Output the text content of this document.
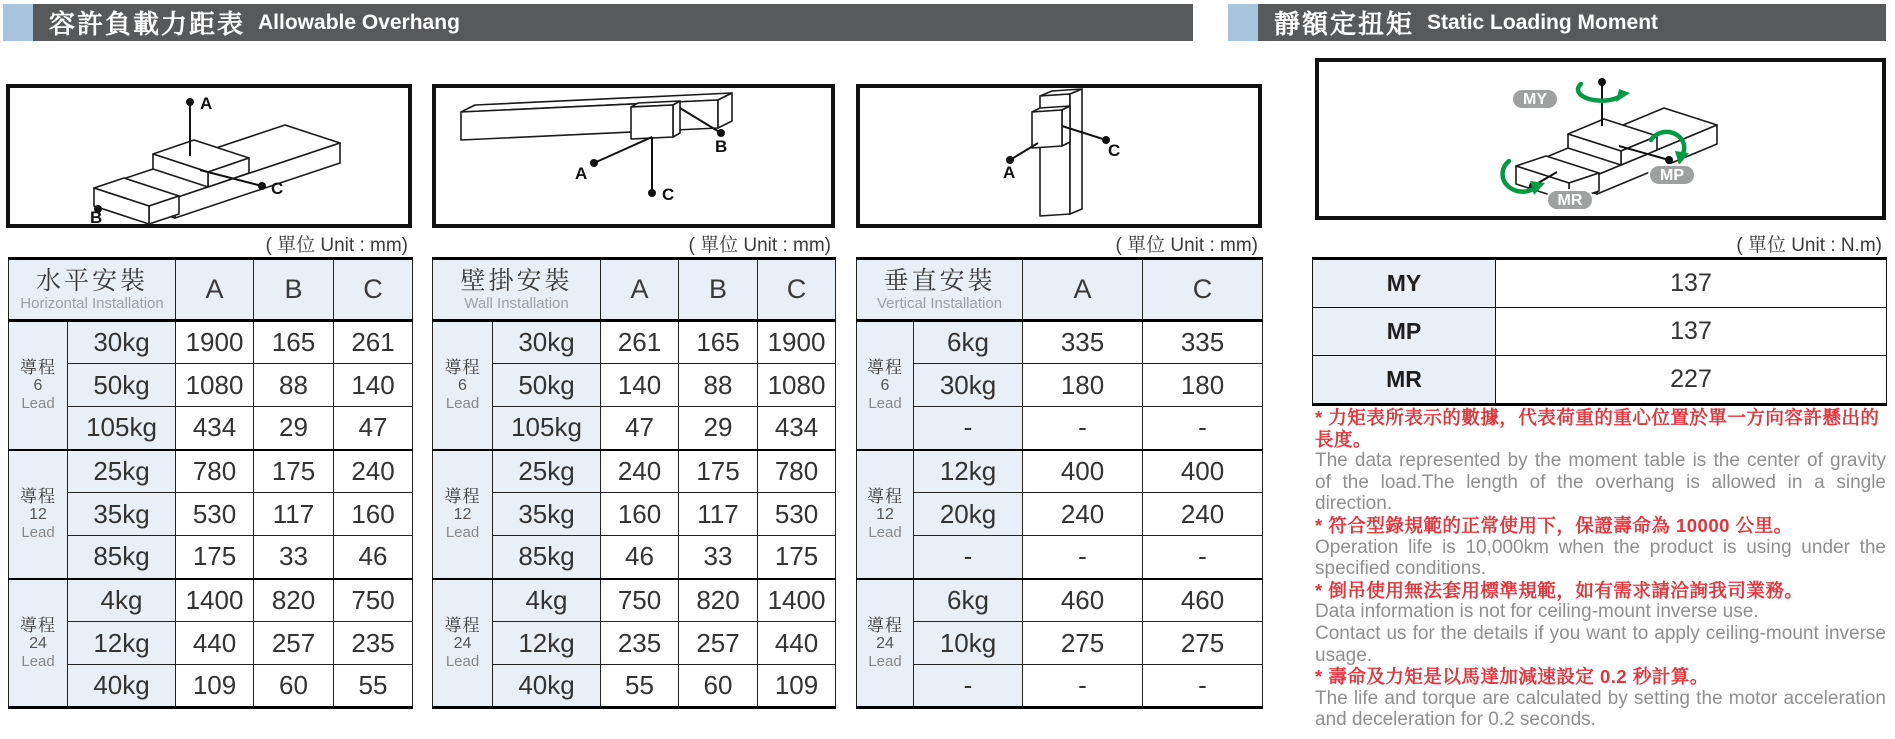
容許負載力距表 Allowable Overhang	靜額定扭矩 Static Loading Moment
A
C
B
A
C
B
A
C
MY
MP
MR
( 單位 Unit : mm)	( 單位 Unit : mm)	( 單位 Unit : mm)	( 單位 Unit : N.m)
水平安裝
Horizontal Installation		A	B	C

導程
6
Lead	30kg	1900	165	261
	50kg	1080	88	140
	105kg	434	29	47

導程
12
Lead	25kg	780	175	240
	35kg	530	117	160
	85kg	175	33	46

導程
24
Lead	4kg	1400	820	750
	12kg	440	257	235
	40kg	109	60	55
壁掛安裝
Wall Installation		A	B	C

導程
6
Lead	30kg	261	165	1900
	50kg	140	88	1080
	105kg	47	29	434

導程
12
Lead	25kg	240	175	780
	35kg	160	117	530
	85kg	46	33	175

導程
24
Lead	4kg	750	820	1400
	12kg	235	257	440
	40kg	55	60	109
垂直安裝
Vertical Installation		A	C

導程
6
Lead	6kg	335	335
	30kg	180	180
	-	-	-

導程
12
Lead	12kg	400	400
	20kg	240	240
	-	-	-

導程
24
Lead	6kg	460	460
	10kg	275	275
	-	-	-
MY	137
MP	137
MR	227

* 力矩表所表示的數據，代表荷重的重心位置於單一方向容許懸出的長度。

The data represented by the moment table is the center of gravity of the load.The length of the overhang is allowed in a single direction.

* 符合型錄規範的正常使用下，保證壽命為 10000 公里。

Operation life is 10,000km when the product is using under the specified conditions.

* 倒吊使用無法套用標準規範，如有需求請洽詢我司業務。

Data information is not for ceiling-mount inverse use.

Contact us for the details if you want to apply ceiling-mount inverse usage.

* 壽命及力矩是以馬達加減速設定 0.2 秒計算。

The life and torque are calculated by setting the motor acceleration and deceleration for 0.2 seconds.
